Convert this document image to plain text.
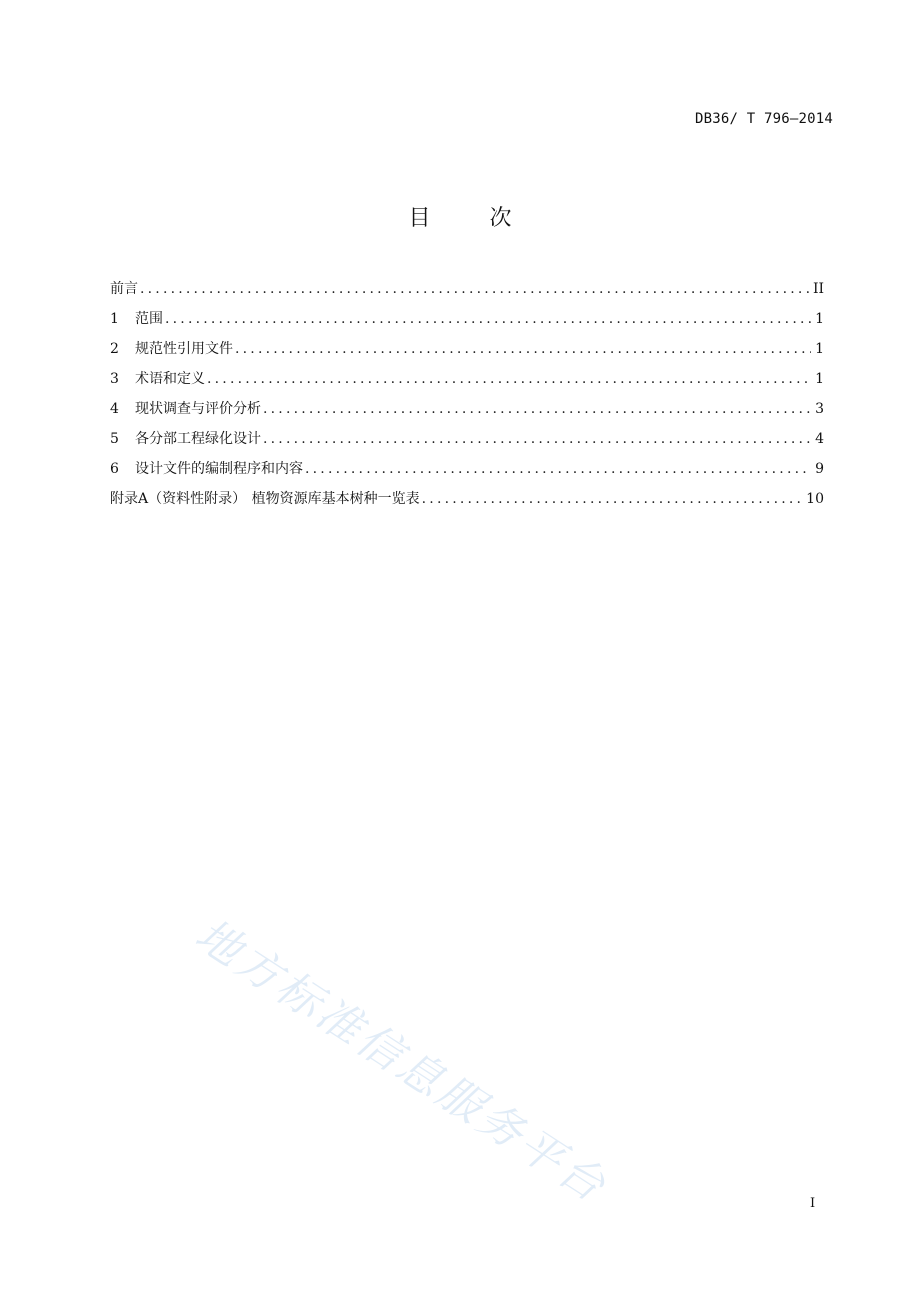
DB36/ T 796—2014
目 次
前言 .....	II
1	范围 .....	1
2	规范性引用文件 .....	1
3	术语和定义 .....	1
4	现状调查与评价分析 .....	3
5	各分部工程绿化设计 .....	4
6	设计文件的编制程序和内容 .....	9
附录A（资料性附录） 植物资源库基本树种一览表 .....	10
地方标准信息服务平台	I
